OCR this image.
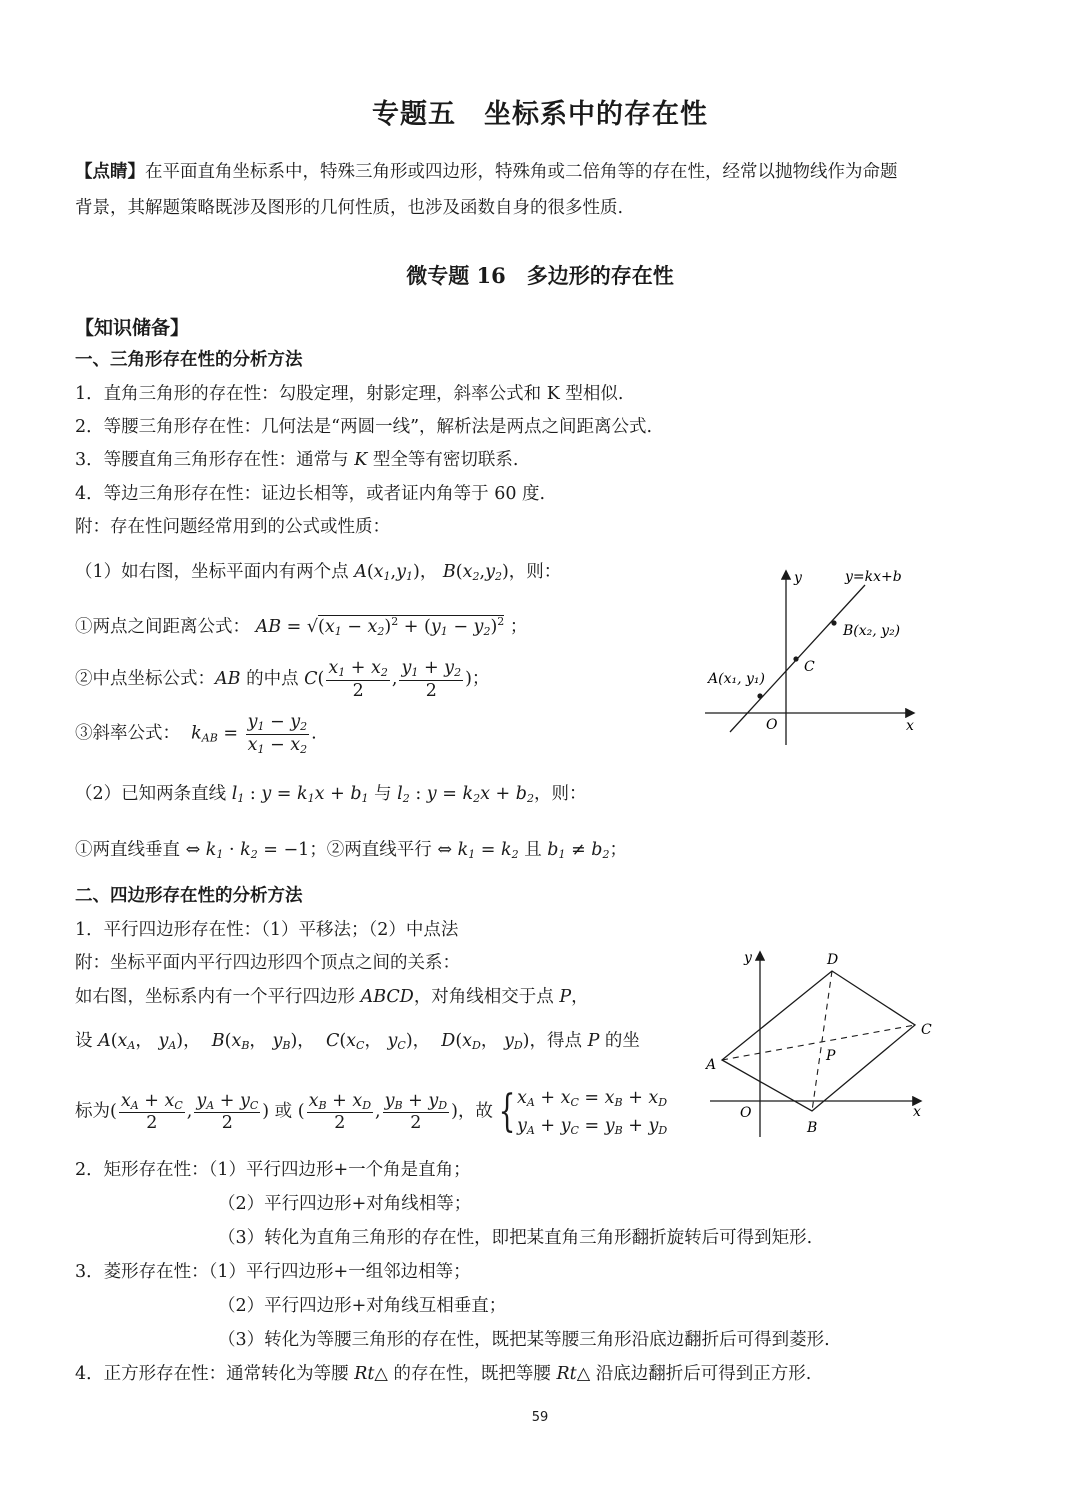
专题五　坐标系中的存在性
【点睛】在平面直角坐标系中，特殊三角形或四边形，特殊角或二倍角等的存在性，经常以抛物线作为命题
背景，其解题策略既涉及图形的几何性质，也涉及函数自身的很多性质.
微专题 16　多边形的存在性
【知识储备】
一、三角形存在性的分析方法
1．直角三角形的存在性：勾股定理，射影定理，斜率公式和 K 型相似.
2．等腰三角形存在性：几何法是“两圆一线”，解析法是两点之间距离公式.
3．等腰直角三角形存在性：通常与 K 型全等有密切联系.
4．等边三角形存在性：证边长相等，或者证内角等于 60 度.
附：存在性问题经常用到的公式或性质：
（1）如右图，坐标平面内有两个点 A(x1,y1)， B(x2,y2)，则：
①两点之间距离公式： AB = $√(x1 - x2)^2 + (y1 - y2)^2$ ；
②中点坐标公式：AB 的中点 $C( \frac{x1 + x2}{2}$ , $\frac{y1 + y2}{2}$ )；
③斜率公式： kAB = $\frac{y1 - y2}{x1 - x2}$ .
（2）已知两条直线 l1 : y = k1x + b1 与 l2 : y = k2x + b2，则：
①两直线垂直 ⇔ k1 · k2 = −1；②两直线平行 ⇔ k1 = k2 且 b1 ≠ b2；
二、四边形存在性的分析方法
1．平行四边形存在性：（1）平移法；（2）中点法
附：坐标平面内平行四边形四个顶点之间的关系：
如右图，坐标系内有一个平行四边形 ABCD，对角线相交于点 P，
设 A(xA， yA)，  B(xB， yB)，  C(xC， yC)，  D(xD， yD)，得点 P 的坐
标为( $\frac{xA + xC}{2}$ , $\frac{yA + yC}{2}$ ) 或 ( $\frac{xB + xD}{2}$ , $\frac{yB + yD}{2}$ )，故 { xA + xC = xB + xD
yA + yC = yB + yD
2．矩形存在性：（1）平行四边形+一个角是直角；
（2）平行四边形+对角线相等；
（3）转化为直角三角形的存在性，即把某直角三角形翻折旋转后可得到矩形.
3．菱形存在性：（1）平行四边形+一组邻边相等；
（2）平行四边形+对角线互相垂直；
（3）转化为等腰三角形的存在性，既把某等腰三角形沿底边翻折后可得到菱形.
4．正方形存在性：通常转化为等腰 Rt△ 的存在性，既把等腰 Rt△ 沿底边翻折后可得到正方形.
y	y=kx+b
x
O
C
A(x₁, y₁)
B(x₂, y₂)
y
x
O
A
B
C
D
P
59
